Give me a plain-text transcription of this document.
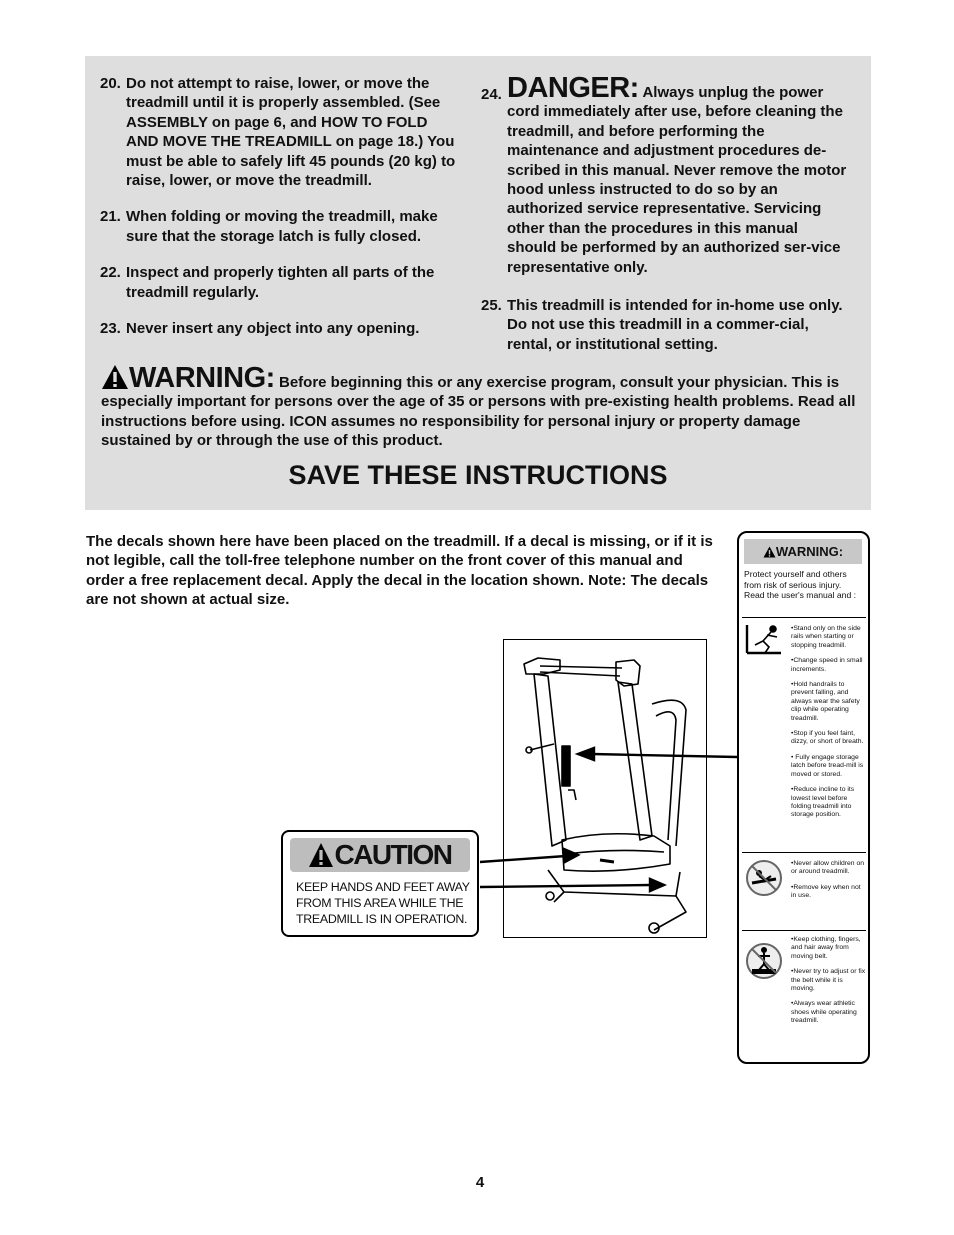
20. Do not attempt to raise, lower, or move the treadmill until it is properly assembled. (See ASSEMBLY on page 6, and HOW TO FOLD AND MOVE THE TREADMILL on page 18.) You must be able to safely lift 45 pounds (20 kg) to raise, lower, or move the treadmill.
21. When folding or moving the treadmill, make sure that the storage latch is fully closed.
22. Inspect and properly tighten all parts of the treadmill regularly.
23. Never insert any object into any opening.
24. DANGER: Always unplug the power cord immediately after use, before cleaning the treadmill, and before performing the maintenance and adjustment procedures de-scribed in this manual. Never remove the motor hood unless instructed to do so by an authorized service representative. Servicing other than the procedures in this manual should be performed by an authorized ser-vice representative only.
25. This treadmill is intended for in-home use only. Do not use this treadmill in a commer-cial, rental, or institutional setting.
WARNING: Before beginning this or any exercise program, consult your physician. This is especially important for persons over the age of 35 or persons with pre-existing health problems. Read all instructions before using. ICON assumes no responsibility for personal injury or property damage sustained by or through the use of this product.
SAVE THESE INSTRUCTIONS
The decals shown here have been placed on the treadmill. If a decal is missing, or if it is not legible, call the toll-free telephone number on the front cover of this manual and order a free replacement decal. Apply the decal in the location shown. Note: The decals are not shown at actual size.
CAUTION
KEEP HANDS AND FEET AWAY FROM THIS AREA WHILE THE TREADMILL IS IN OPERATION.
WARNING:
Protect yourself and others from risk of serious injury. Read the user's manual and :
•Stand only on the side rails when starting or stopping treadmill.
•Change speed in small increments.
•Hold handrails to prevent falling, and always wear the safety clip while operating treadmill.
•Stop if you feel faint, dizzy, or short of breath.
• Fully engage storage latch before tread-mill is moved or stored.
•Reduce incline to its lowest level before folding treadmill into storage position.
•Never allow children on or around treadmill.
•Remove key when not in use.
•Keep clothing, fingers, and hair away from moving belt.
•Never try to adjust or fix the belt while it is moving.
•Always wear athletic shoes while operating treadmill.
4
